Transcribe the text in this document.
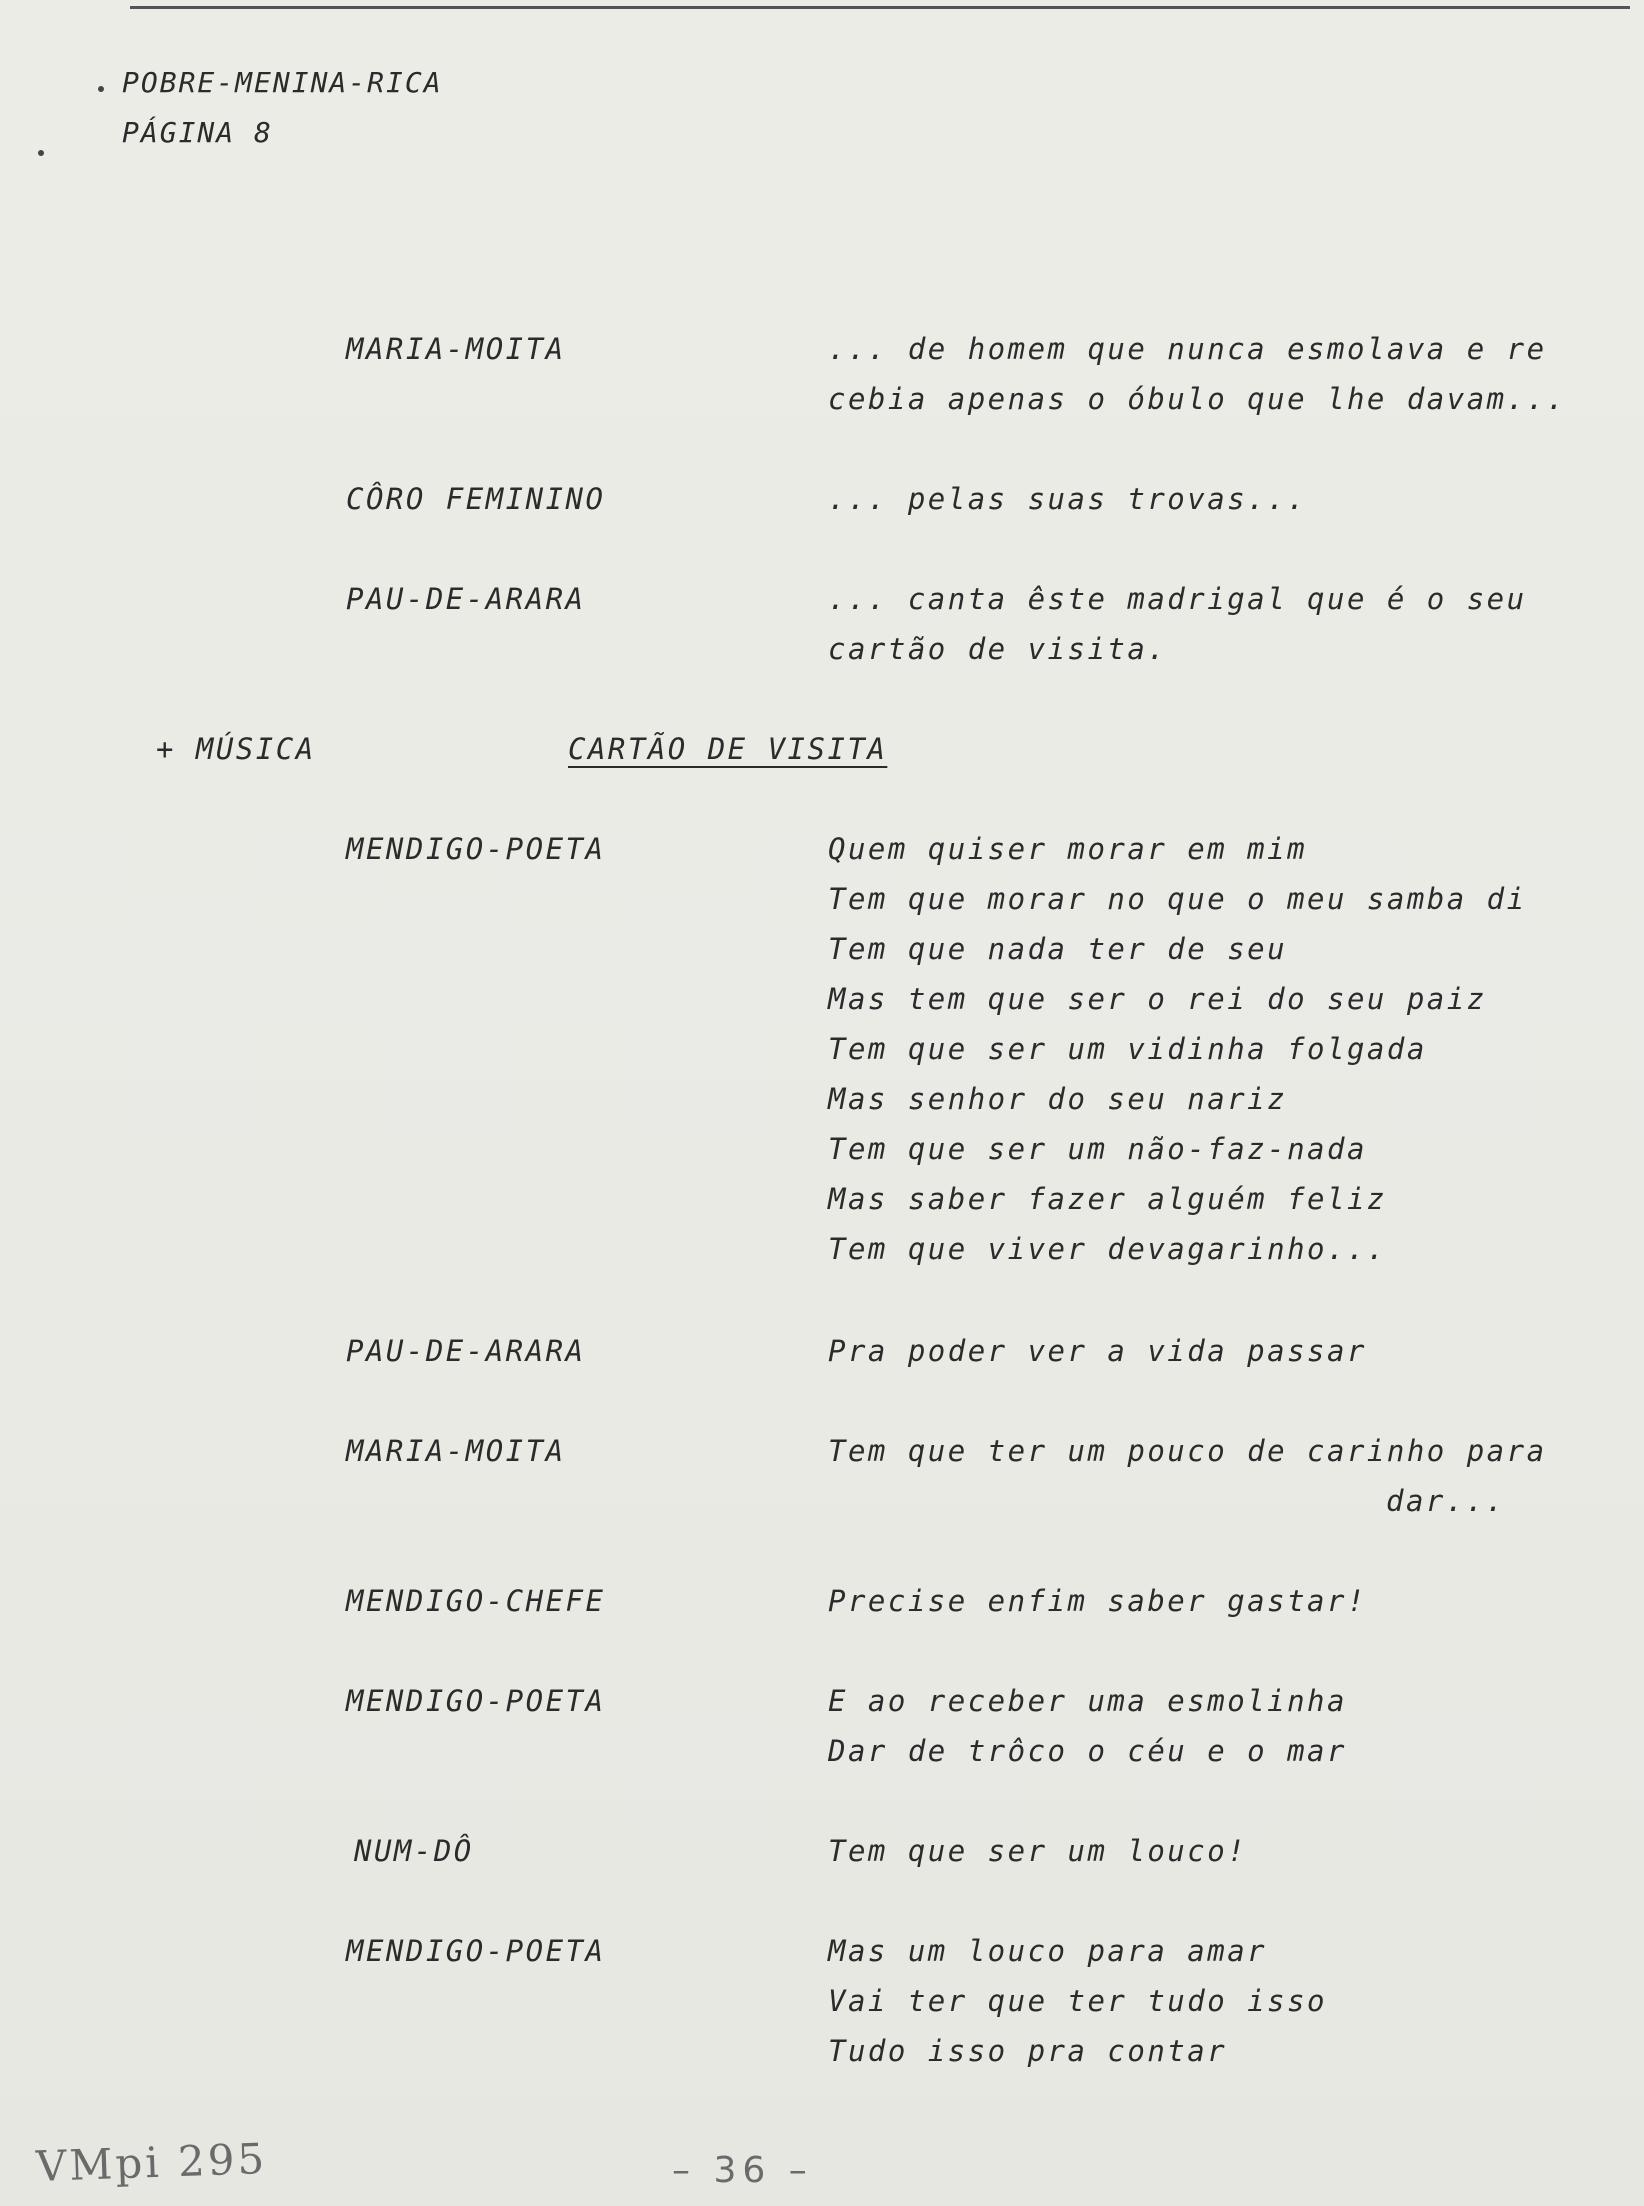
POBRE-MENINA-RICA
PÁGINA 8
MARIA-MOITA	... de homem que nunca esmolava e re
cebia apenas o óbulo que lhe davam...
CÔRO FEMININO	... pelas suas trovas...
PAU-DE-ARARA	... canta êste madrigal que é o seu
cartão de visita.
+ MÚSICA	CARTÃO DE VISITA
MENDIGO-POETA	Quem quiser morar em mim
Tem que morar no que o meu samba di
Tem que nada ter de seu
Mas tem que ser o rei do seu paiz
Tem que ser um vidinha folgada
Mas senhor do seu nariz
Tem que ser um não-faz-nada
Mas saber fazer alguém feliz
Tem que viver devagarinho...
PAU-DE-ARARA	Pra poder ver a vida passar
MARIA-MOITA	Tem que ter um pouco de carinho para
dar...
MENDIGO-CHEFE	Precise enfim saber gastar!
MENDIGO-POETA	E ao receber uma esmolinha
Dar de trôco o céu e o mar
NUM-DÔ	Tem que ser um louco!
MENDIGO-POETA	Mas um louco para amar
Vai ter que ter tudo isso
Tudo isso pra contar
VMpi 295	– 36 –
